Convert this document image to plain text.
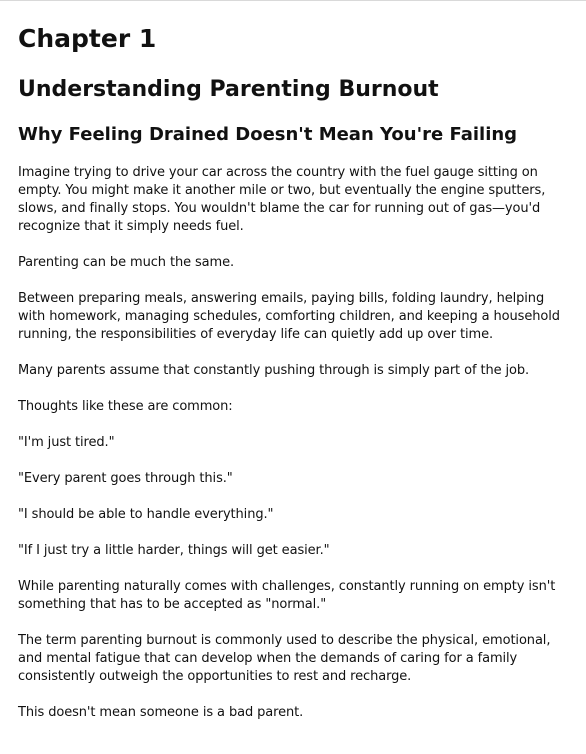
Chapter 1
Understanding Parenting Burnout
Why Feeling Drained Doesn't Mean You're Failing

Imagine trying to drive your car across the country with the fuel gauge sitting on empty. You might make it another mile or two, but eventually the engine sputters, slows, and finally stops. You wouldn't blame the car for running out of gas—you'd recognize that it simply needs fuel.

Parenting can be much the same.

Between preparing meals, answering emails, paying bills, folding laundry, helping with homework, managing schedules, comforting children, and keeping a household running, the responsibilities of everyday life can quietly add up over time.

Many parents assume that constantly pushing through is simply part of the job.

Thoughts like these are common:

"I'm just tired."

"Every parent goes through this."

"I should be able to handle everything."

"If I just try a little harder, things will get easier."

While parenting naturally comes with challenges, constantly running on empty isn't something that has to be accepted as "normal."

The term parenting burnout is commonly used to describe the physical, emotional, and mental fatigue that can develop when the demands of caring for a family consistently outweigh the opportunities to rest and recharge.

This doesn't mean someone is a bad parent.
